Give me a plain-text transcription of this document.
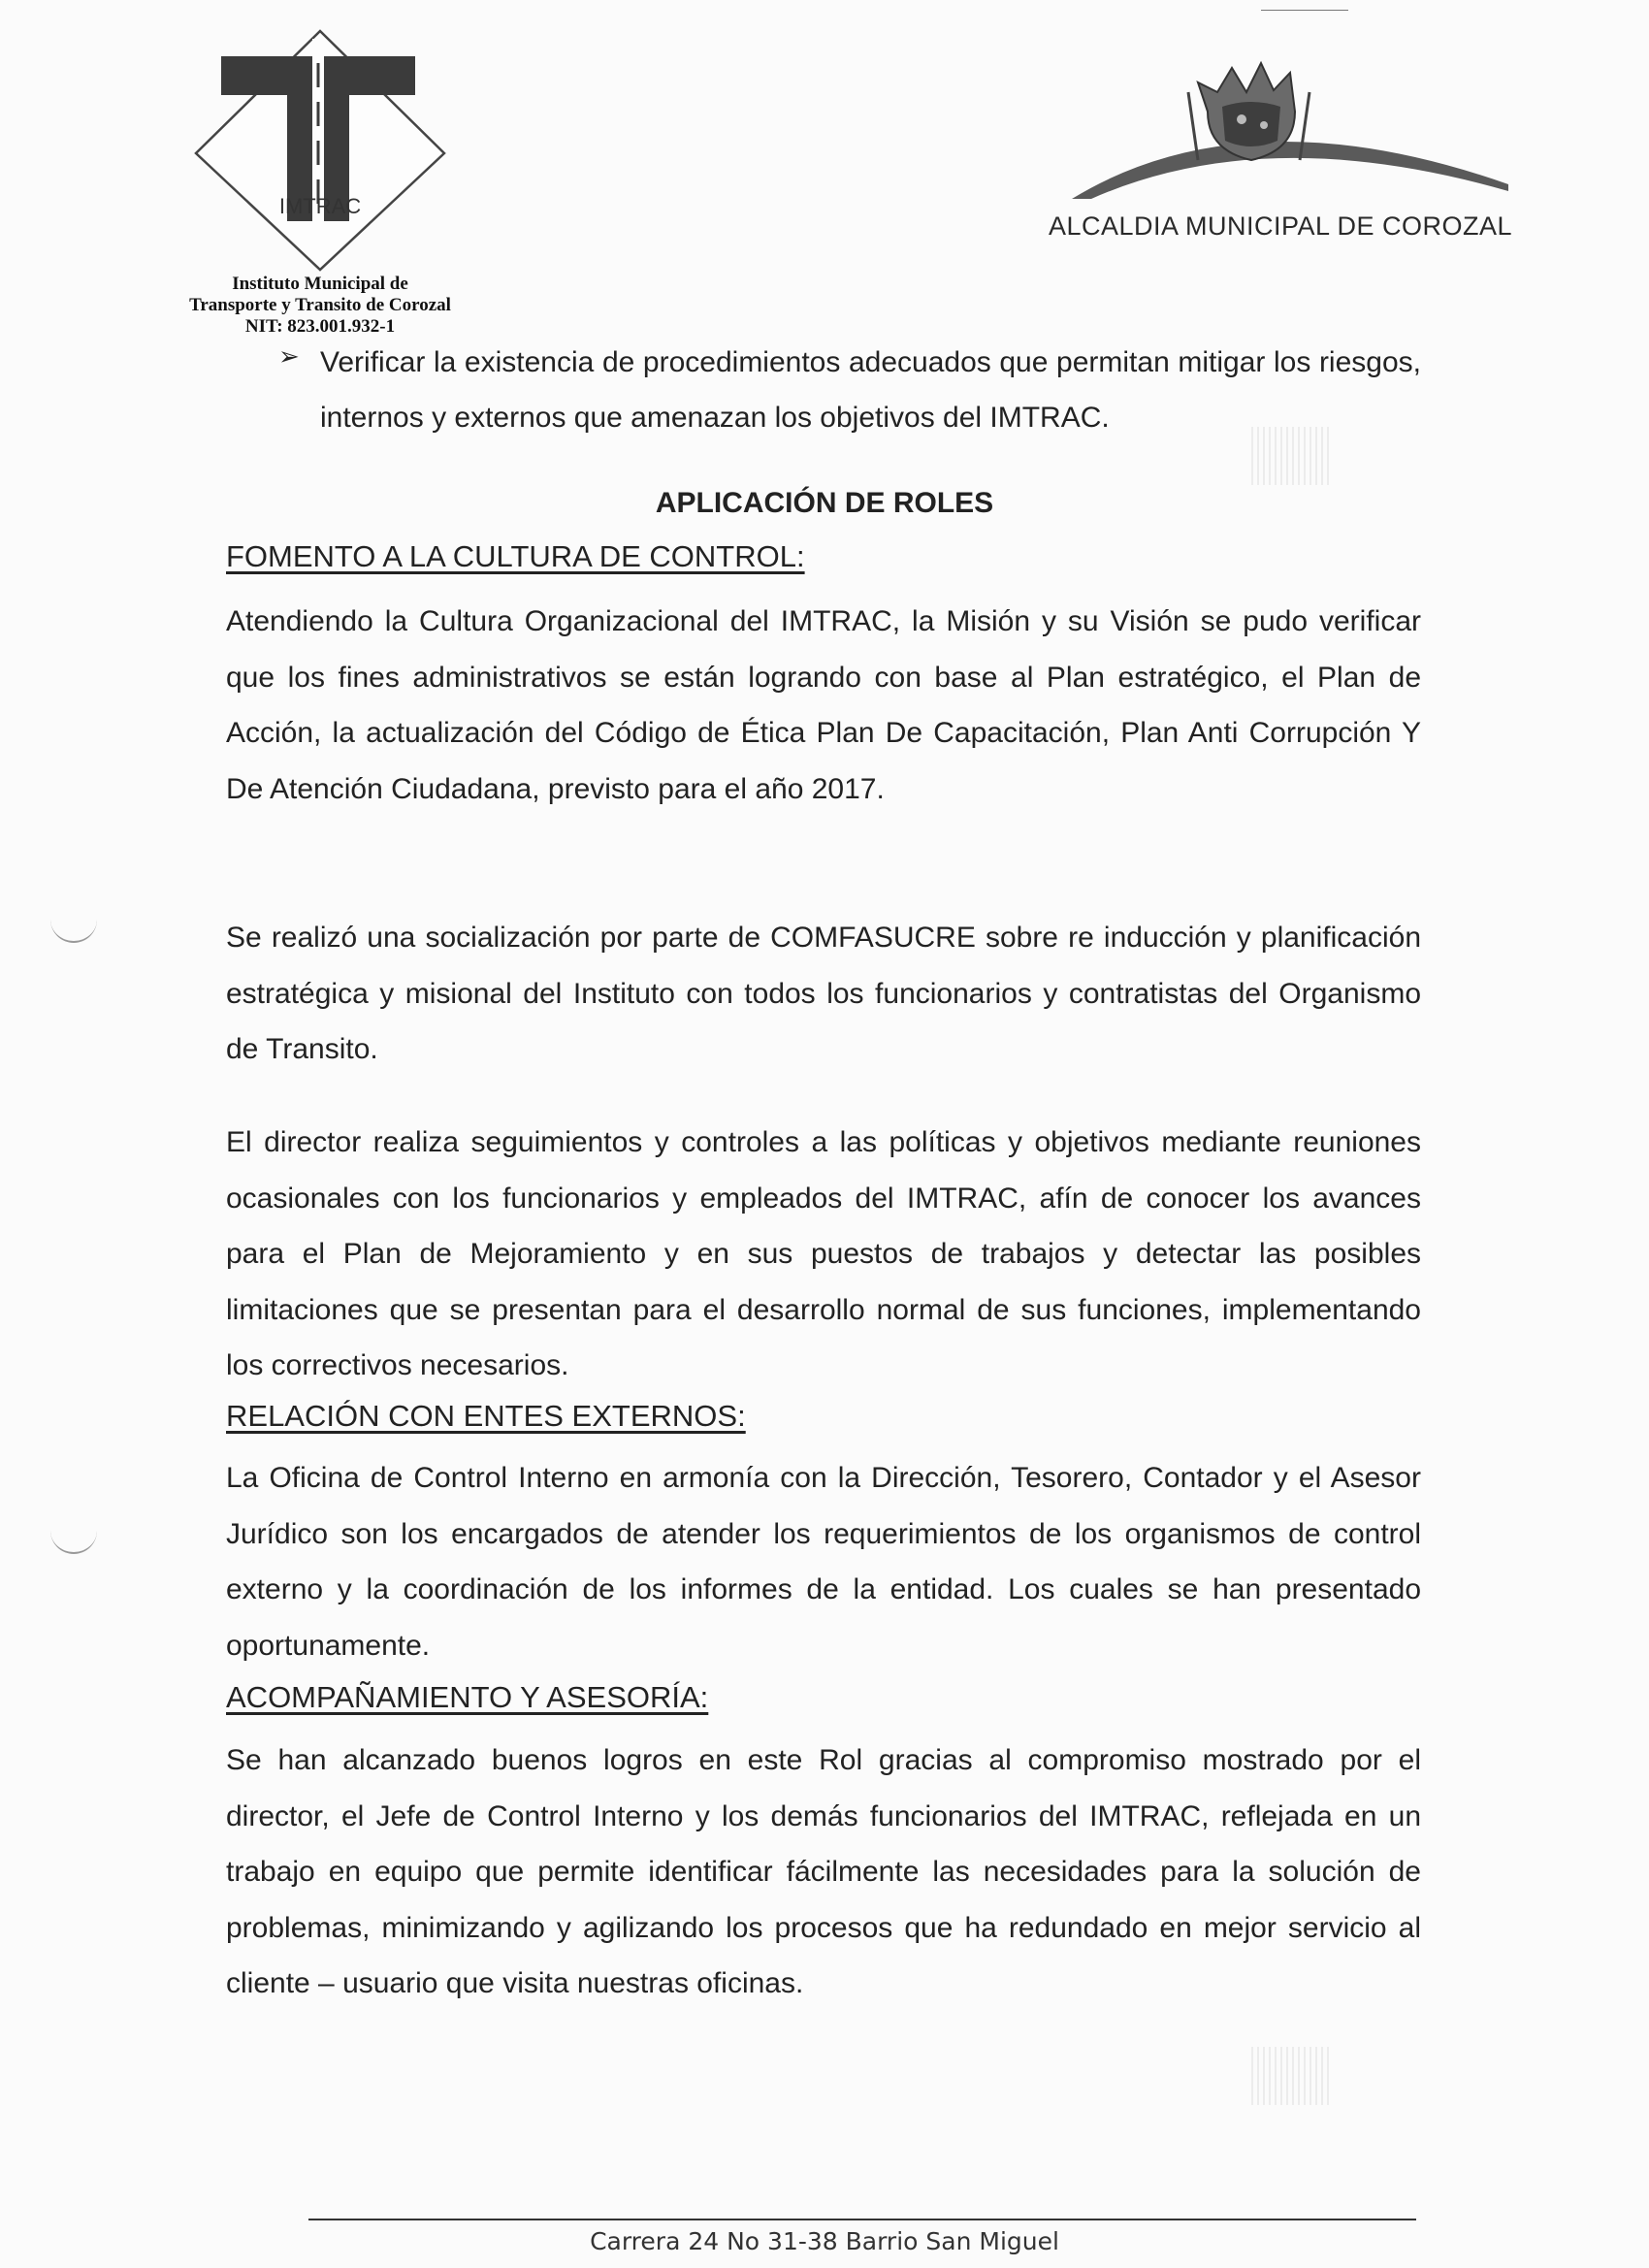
IMTRAC
Instituto Municipal de
Transporte y Transito de Corozal
NIT: 823.001.932-1
ALCALDIA MUNICIPAL DE COROZAL
➢ Verificar la existencia de procedimientos adecuados que permitan mitigar los riesgos, internos y externos que amenazan los objetivos del IMTRAC.
APLICACIÓN DE ROLES
FOMENTO A LA CULTURA DE CONTROL:
Atendiendo la Cultura Organizacional del IMTRAC, la Misión y su Visión se pudo verificar que los fines administrativos se están logrando con base al Plan estratégico, el Plan de Acción, la actualización del Código de Ética Plan De Capacitación, Plan Anti Corrupción Y De Atención Ciudadana, previsto para el año 2017.
Se realizó una socialización por parte de COMFASUCRE sobre re inducción y planificación estratégica y misional del Instituto con todos los funcionarios y contratistas del Organismo de Transito.
El director realiza seguimientos y controles a las políticas y objetivos mediante reuniones ocasionales con los funcionarios y empleados del IMTRAC, afín de conocer los avances para el Plan de Mejoramiento y en sus puestos de trabajos y detectar las posibles limitaciones que se presentan para el desarrollo normal de sus funciones, implementando los correctivos necesarios.
RELACIÓN CON ENTES EXTERNOS:
La Oficina de Control Interno en armonía con la Dirección, Tesorero, Contador y el Asesor Jurídico son los encargados de atender los requerimientos de los organismos de control externo y la coordinación de los informes de la entidad. Los cuales se han presentado oportunamente.
ACOMPAÑAMIENTO Y ASESORÍA:
Se han alcanzado buenos logros en este Rol gracias al compromiso mostrado por el director, el Jefe de Control Interno y los demás funcionarios del IMTRAC, reflejada en un trabajo en equipo que permite identificar fácilmente las necesidades para la solución de problemas, minimizando y agilizando los procesos que ha redundado en mejor servicio al cliente – usuario que visita nuestras oficinas.
Carrera 24 No 31-38 Barrio San Miguel
